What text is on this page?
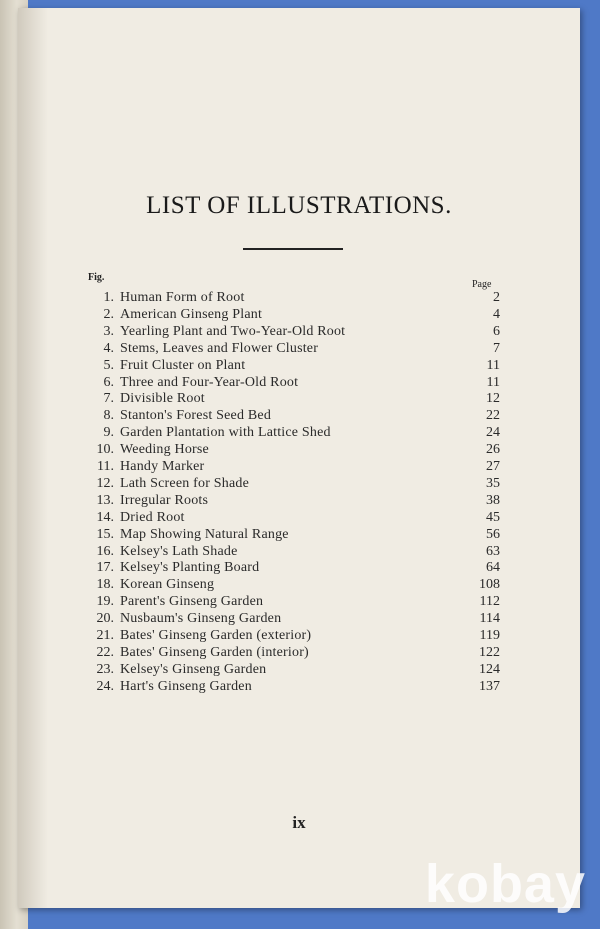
LIST OF ILLUSTRATIONS.
Fig.
Page
1. Human Form of Root	2
2. American Ginseng Plant	4
3. Yearling Plant and Two-Year-Old Root	6
4. Stems, Leaves and Flower Cluster	7
5. Fruit Cluster on Plant	11
6. Three and Four-Year-Old Root	11
7. Divisible Root	12
8. Stanton's Forest Seed Bed	22
9. Garden Plantation with Lattice Shed	24
10. Weeding Horse	26
11. Handy Marker	27
12. Lath Screen for Shade	35
13. Irregular Roots	38
14. Dried Root	45
15. Map Showing Natural Range	56
16. Kelsey's Lath Shade	63
17. Kelsey's Planting Board	64
18. Korean Ginseng	108
19. Parent's Ginseng Garden	112
20. Nusbaum's Ginseng Garden	114
21. Bates' Ginseng Garden (exterior)	119
22. Bates' Ginseng Garden (interior)	122
23. Kelsey's Ginseng Garden	124
24. Hart's Ginseng Garden	137
ix
kobay
